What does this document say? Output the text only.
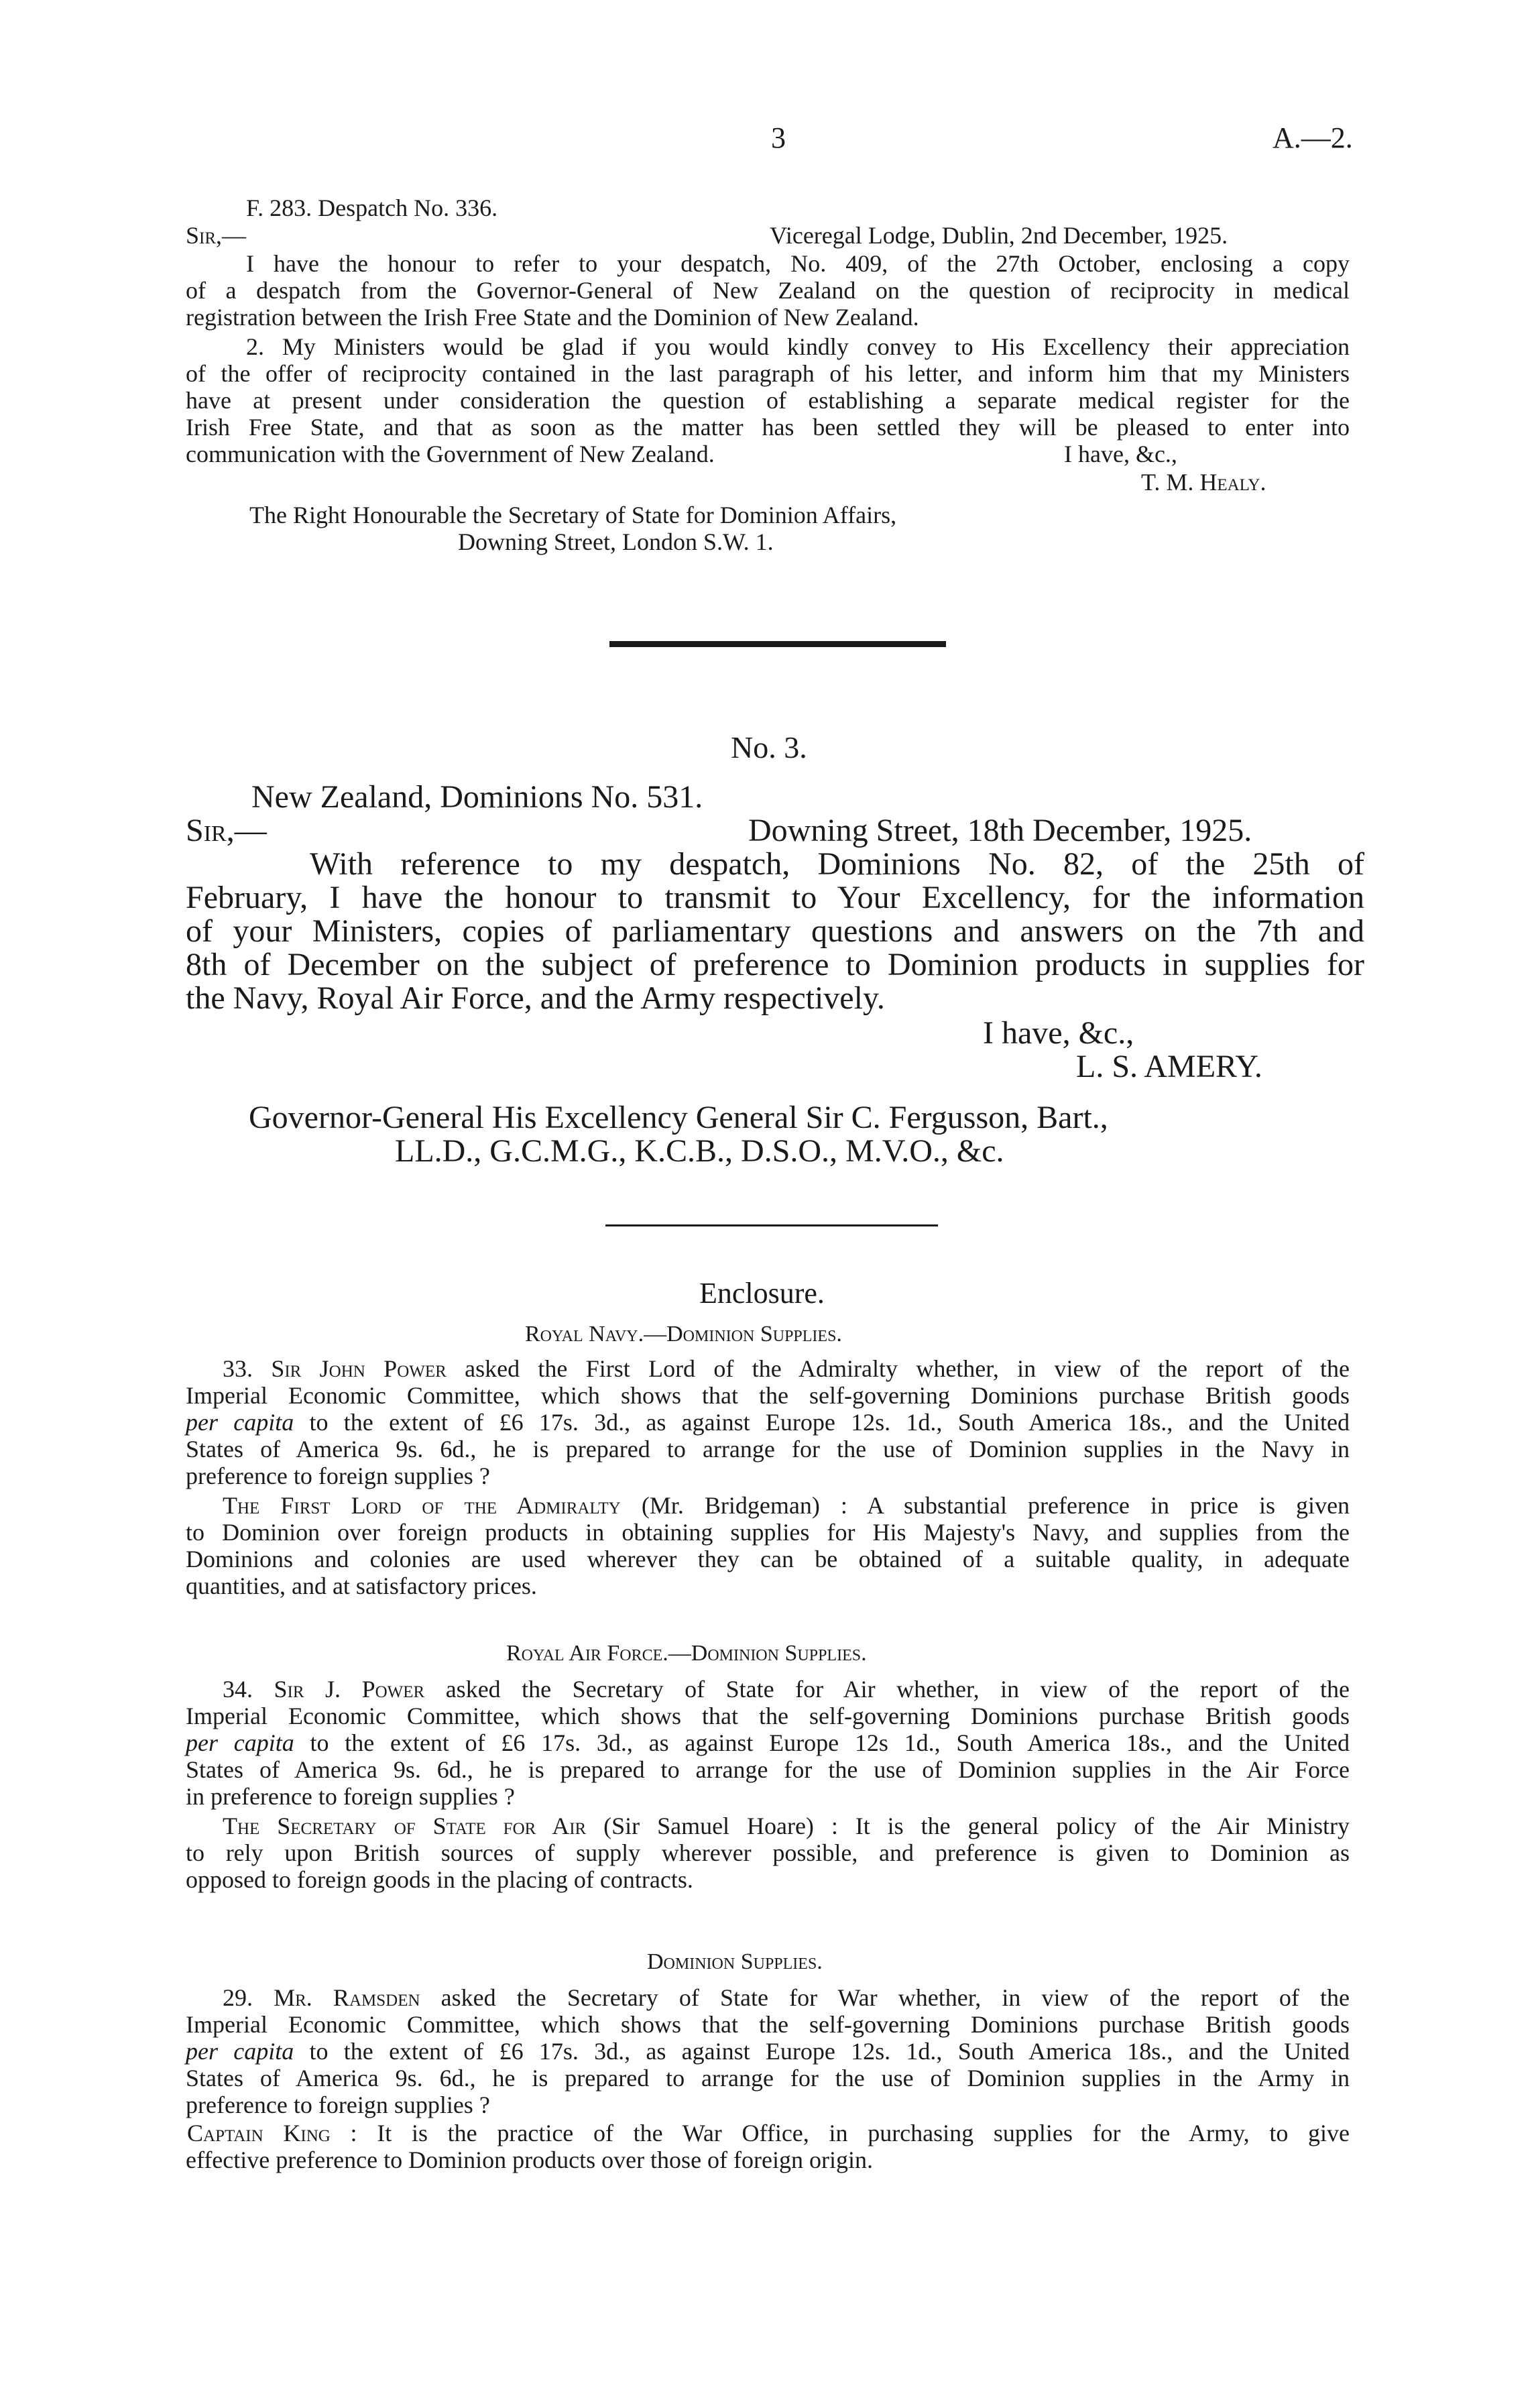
3	A.—2.
F. 283. Despatch No. 336.
Sir,—	Viceregal Lodge, Dublin, 2nd December, 1925.
I have the honour to refer to your despatch, No. 409, of the 27th October, enclosing a copy
of a despatch from the Governor-General of New Zealand on the question of reciprocity in medical
registration between the Irish Free State and the Dominion of New Zealand.
2. My Ministers would be glad if you would kindly convey to His Excellency their appreciation
of the offer of reciprocity contained in the last paragraph of his letter, and inform him that my Ministers
have at present under consideration the question of establishing a separate medical register for the
Irish Free State, and that as soon as the matter has been settled they will be pleased to enter into
communication with the Government of New Zealand.	I have, &c.,
T. M. Healy.
The Right Honourable the Secretary of State for Dominion Affairs,
Downing Street, London S.W. 1.
No. 3.
New Zealand, Dominions No. 531.
Sir,—	Downing Street, 18th December, 1925.
With reference to my despatch, Dominions No. 82, of the 25th of
February, I have the honour to transmit to Your Excellency, for the information
of your Ministers, copies of parliamentary questions and answers on the 7th and
8th of December on the subject of preference to Dominion products in supplies for
the Navy, Royal Air Force, and the Army respectively.
I have, &c.,
L. S. AMERY.
Governor-General His Excellency General Sir C. Fergusson, Bart.,
LL.D., G.C.M.G., K.C.B., D.S.O., M.V.O., &c.
Enclosure.
Royal Navy.—Dominion Supplies.
33. Sir John Power asked the First Lord of the Admiralty whether, in view of the report of the
Imperial Economic Committee, which shows that the self-governing Dominions purchase British goods
per capita to the extent of £6 17s. 3d., as against Europe 12s. 1d., South America 18s., and the United
States of America 9s. 6d., he is prepared to arrange for the use of Dominion supplies in the Navy in
preference to foreign supplies ?
The First Lord of the Admiralty (Mr. Bridgeman) : A substantial preference in price is given
to Dominion over foreign products in obtaining supplies for His Majesty's Navy, and supplies from the
Dominions and colonies are used wherever they can be obtained of a suitable quality, in adequate
quantities, and at satisfactory prices.
Royal Air Force.—Dominion Supplies.
34. Sir J. Power asked the Secretary of State for Air whether, in view of the report of the
Imperial Economic Committee, which shows that the self-governing Dominions purchase British goods
per capita to the extent of £6 17s. 3d., as against Europe 12s 1d., South America 18s., and the United
States of America 9s. 6d., he is prepared to arrange for the use of Dominion supplies in the Air Force
in preference to foreign supplies ?
The Secretary of State for Air (Sir Samuel Hoare) : It is the general policy of the Air Ministry
to rely upon British sources of supply wherever possible, and preference is given to Dominion as
opposed to foreign goods in the placing of contracts.
Dominion Supplies.
29. Mr. Ramsden asked the Secretary of State for War whether, in view of the report of the
Imperial Economic Committee, which shows that the self-governing Dominions purchase British goods
per capita to the extent of £6 17s. 3d., as against Europe 12s. 1d., South America 18s., and the United
States of America 9s. 6d., he is prepared to arrange for the use of Dominion supplies in the Army in
preference to foreign supplies ?
Captain King : It is the practice of the War Office, in purchasing supplies for the Army, to give
effective preference to Dominion products over those of foreign origin.
